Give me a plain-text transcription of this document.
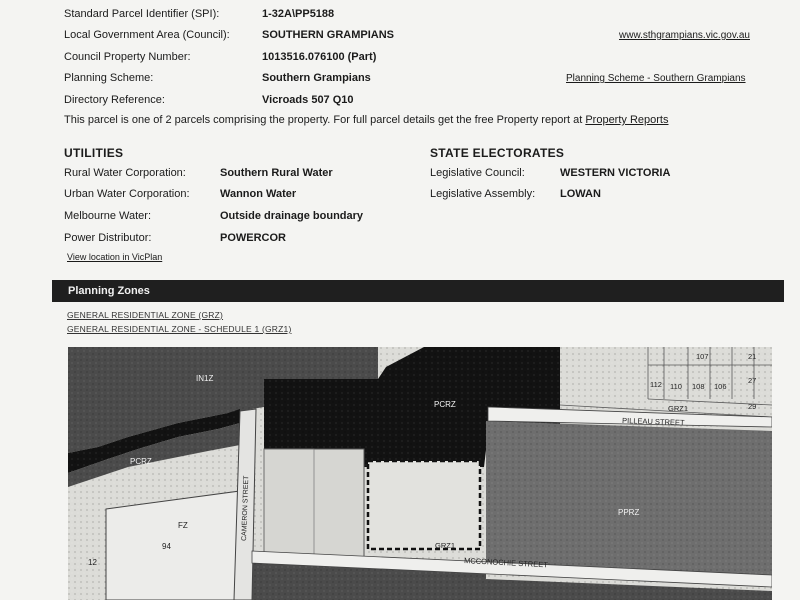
Standard Parcel Identifier (SPI):	1-32A\PP5188
Local Government Area (Council):	SOUTHERN GRAMPIANS	www.sthgrampians.vic.gov.au
Council Property Number:	1013516.076100 (Part)
Planning Scheme:	Southern Grampians	Planning Scheme - Southern Grampians
Directory Reference:	Vicroads 507 Q10
This parcel is one of 2 parcels comprising the property. For full parcel details get the free Property report at Property Reports
UTILITIES
Rural Water Corporation:	Southern Rural Water
Urban Water Corporation:	Wannon Water
Melbourne Water:	Outside drainage boundary
Power Distributor:	POWERCOR
View location in VicPlan
STATE ELECTORATES
Legislative Council:	WESTERN VICTORIA
Legislative Assembly: LOWAN
Planning Zones
GENERAL RESIDENTIAL ZONE (GRZ)
GENERAL RESIDENTIAL ZONE - SCHEDULE 1 (GRZ1)
IN1Z
PCRZ
PCRZ
FZ
94
12
PPRZ
GRZ1
GRZ1
PILLEAU STREET
MCCONOCHIE STREET
CAMERON STREET
107	21
112 110 108 106
27
29
